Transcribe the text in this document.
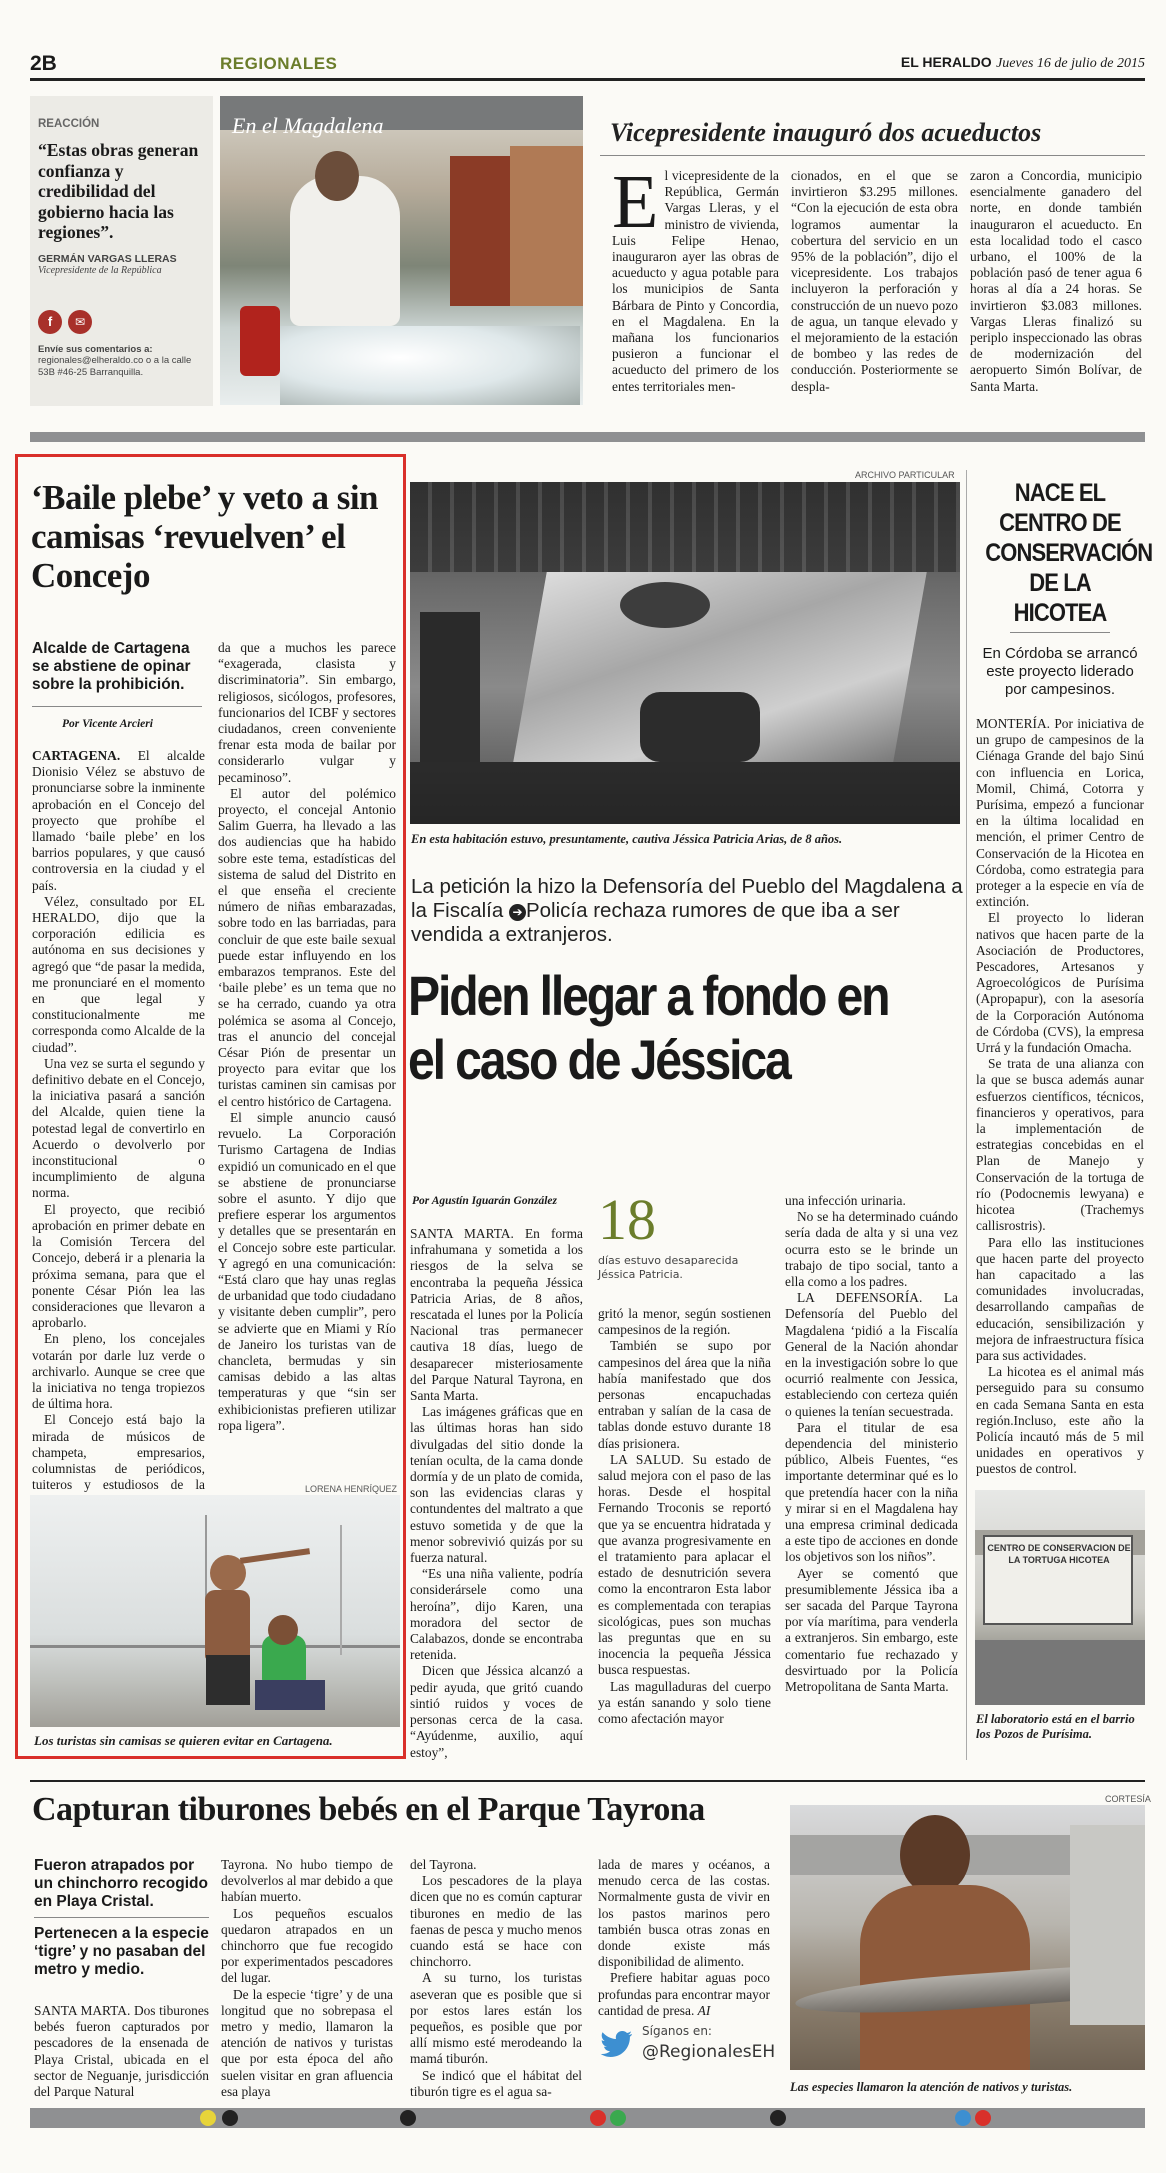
2B	REGIONALES	EL HERALDO Jueves 16 de julio de 2015
REACCIÓN
“Estas obras generan confianza y credibilidad del gobierno hacia las regiones”.
GERMÁN VARGAS LLERAS
Vicepresidente de la República
f	✉
Envíe sus comentarios a:
regionales@elheraldo.co o a la calle 53B #46-25 Barranquilla.
En el Magdalena	Vicepresidente inauguró dos acueductos
El vicepresidente de la República, Germán Vargas Lleras, y el ministro de vivienda, Luis Felipe Henao, inauguraron ayer las obras de acueducto y agua potable para los municipios de Santa Bárbara de Pinto y Concordia, en el Magdalena. En la mañana los funcionarios pusieron a funcionar el acueducto del primero de los entes territoriales men-
cionados, en el que se invirtieron $3.295 millones. “Con la ejecución de esta obra logramos aumentar la cobertura del servicio en un 95% de la población”, dijo el vicepresidente. Los trabajos incluyeron la perforación y construcción de un nuevo pozo de agua, un tanque elevado y el mejoramiento de la estación de bombeo y las redes de conducción. Posteriormente se despla-
zaron a Concordia, municipio esencialmente ganadero del norte, en donde también inauguraron el acueducto. En esta localidad todo el casco urbano, el 100% de la población pasó de tener agua 6 horas al día a 24 horas. Se invirtieron $3.083 millones. Vargas Lleras finalizó su periplo inspeccionado las obras de modernización del aeropuerto Simón Bolívar, de Santa Marta.
‘Baile plebe’ y veto a sin camisas ‘revuelven’ el Concejo
Alcalde de Cartagena se abstiene de opinar sobre la prohibición.
Por Vicente Arcieri

CARTAGENA. El alcalde Dionisio Vélez se abstuvo de pronunciarse sobre la inminente aprobación en el Concejo del proyecto que prohíbe el llamado ‘baile plebe’ en los barrios populares, y que causó controversia en la ciudad y el país.

Vélez, consultado por EL HERALDO, dijo que la corporación edilicia es autónoma en sus decisiones y agregó que “de pasar la medida, me pronunciaré en el momento en que legal y constitucionalmente me corresponda como Alcalde de la ciudad”.

Una vez se surta el segundo y definitivo debate en el Concejo, la iniciativa pasará a sanción del Alcalde, quien tiene la potestad legal de convertirlo en Acuerdo o devolverlo por inconstitucional o incumplimiento de alguna norma.

El proyecto, que recibió aprobación en primer debate en la Comisión Tercera del Concejo, deberá ir a plenaria la próxima semana, para que el ponente César Pión lea las consideraciones que llevaron a aprobarlo.

En pleno, los concejales votarán por darle luz verde o archivarlo. Aunque se cree que la iniciativa no tenga tropiezos de última hora.

El Concejo está bajo la mirada de músicos de champeta, empresarios, columnistas de periódicos, tuiteros y estudiosos de la

da que a muchos les parece “exagerada, clasista y discriminatoria”. Sin embargo, religiosos, sicólogos, profesores, funcionarios del ICBF y sectores ciudadanos, creen conveniente frenar esta moda de bailar por considerarlo vulgar y pecaminoso”.

El autor del polémico proyecto, el concejal Antonio Salim Guerra, ha llevado a las dos audiencias que ha habido sobre este tema, estadísticas del sistema de salud del Distrito en el que enseña el creciente número de niñas embarazadas, sobre todo en las barriadas, para concluir de que este baile sexual puede estar influyendo en los embarazos tempranos. Este del ‘baile plebe’ es un tema que no se ha cerrado, cuando ya otra polémica se asoma al Concejo, tras el anuncio del concejal César Pión de presentar un proyecto para evitar que los turistas caminen sin camisas por el centro histórico de Cartagena.

El simple anuncio causó revuelo. La Corporación Turismo Cartagena de Indias expidió un comunicado en el que se abstiene de pronunciarse sobre el asunto. Y dijo que prefiere esperar los argumentos y detalles que se presentarán en el Concejo sobre este particular. Y agregó en una comunicación: “Está claro que hay unas reglas de urbanidad que todo ciudadano y visitante deben cumplir”, pero se advierte que en Miami y Río de Janeiro los turistas van de chancleta, bermudas y sin camisas debido a las altas temperaturas y que “sin ser exhibicionistas prefieren utilizar ropa ligera”.

LORENA HENRÍQUEZ
Los turistas sin camisas se quieren evitar en Cartagena.
ARCHIVO PARTICULAR
En esta habitación estuvo, presuntamente, cautiva Jéssica Patricia Arias, de 8 años.
La petición la hizo la Defensoría del Pueblo del Magdalena a la Fiscalía ➔ Policía rechaza rumores de que iba a ser vendida a extranjeros.
Piden llegar a fondo en el caso de Jéssica
Por Agustín Iguarán González 18
días estuvo desaparecida Jéssica Patricia.

SANTA MARTA. En forma infrahumana y sometida a los riesgos de la selva se encontraba la pequeña Jéssica Patricia Arias, de 8 años, rescatada el lunes por la Policía Nacional tras permanecer cautiva 18 días, luego de desaparecer misteriosamente del Parque Natural Tayrona, en Santa Marta.

Las imágenes gráficas que en las últimas horas han sido divulgadas del sitio donde la tenían oculta, de la cama donde dormía y de un plato de comida, son las evidencias claras y contundentes del maltrato a que estuvo sometida y de que la menor sobrevivió quizás por su fuerza natural.

“Es una niña valiente, podría considerársele como una heroína”, dijo Karen, una moradora del sector de Calabazos, donde se encontraba retenida.

Dicen que Jéssica alcanzó a pedir ayuda, que gritó cuando sintió ruidos y voces de personas cerca de la casa. “Ayúdenme, auxilio, aquí estoy”,

gritó la menor, según sostienen campesinos de la región.

También se supo por campesinos del área que la niña había manifestado que dos personas encapuchadas entraban y salían de la casa de tablas donde estuvo durante 18 días prisionera.

LA SALUD. Su estado de salud mejora con el paso de las horas. Desde el hospital Fernando Troconis se reportó que ya se encuentra hidratada y que avanza progresivamente en el tratamiento para aplacar el estado de desnutrición severa como la encontraron Esta labor es complementada con terapias sicológicas, pues son muchas las preguntas que en su inocencia la pequeña Jéssica busca respuestas.

Las magulladuras del cuerpo ya están sanando y solo tiene como afectación mayor

una infección urinaria.

No se ha determinado cuándo sería dada de alta y si una vez ocurra esto se le brinde un trabajo de tipo social, tanto a ella como a los padres.

LA DEFENSORÍA. La Defensoría del Pueblo del Magdalena ‘pidió a la Fiscalía General de la Nación ahondar en la investigación sobre lo que ocurrió realmente con Jessica, estableciendo con certeza quién o quienes la tenían secuestrada.

Para el titular de esa dependencia del ministerio público, Albeis Fuentes, “es importante determinar qué es lo que pretendía hacer con la niña y mirar si en el Magdalena hay una empresa criminal dedicada a este tipo de acciones en donde los objetivos son los niños”.

Ayer se comentó que presumiblemente Jéssica iba a ser sacada del Parque Tayrona por vía marítima, para venderla a extranjeros. Sin embargo, este comentario fue rechazado y desvirtuado por la Policía Metropolitana de Santa Marta.

NACE EL CENTRO DE CONSERVACIÓN DE LA HICOTEA
En Córdoba se arrancó este proyecto liderado por campesinos.

MONTERÍA. Por iniciativa de un grupo de campesinos de la Ciénaga Grande del bajo Sinú con influencia en Lorica, Momil, Chimá, Cotorra y Purísima, empezó a funcionar en la última localidad en mención, el primer Centro de Conservación de la Hicotea en Córdoba, como estrategia para proteger a la especie en vía de extinción.

El proyecto lo lideran nativos que hacen parte de la Asociación de Productores, Pescadores, Artesanos y Agroecológicos de Purísima (Apropapur), con la asesoría de la Corporación Autónoma de Córdoba (CVS), la empresa Urrá y la fundación Omacha.

Se trata de una alianza con la que se busca además aunar esfuerzos científicos, técnicos, financieros y operativos, para la implementación de estrategias concebidas en el Plan de Manejo y Conservación de la tortuga de río (Podocnemis lewyana) e hicotea (Trachemys callisrostris).

Para ello las instituciones que hacen parte del proyecto han capacitado a las comunidades involucradas, desarrollando campañas de educación, sensibilización y mejora de infraestructura física para sus actividades.

La hicotea es el animal más perseguido para su consumo en cada Semana Santa en esta región.Incluso, este año la Policía incautó más de 5 mil unidades en operativos y puestos de control.

CENTRO DE CONSERVACION DE LA TORTUGA HICOTEA
El laboratorio está en el barrio los Pozos de Purísima.
Capturan tiburones bebés en el Parque Tayrona
Fueron atrapados por un chinchorro recogido en Playa Cristal.
Pertenecen a la especie ‘tigre’ y no pasaban del metro y medio.
SANTA MARTA. Dos tiburones bebés fueron capturados por pescadores de la ensenada de Playa Cristal, ubicada en el sector de Neguanje, jurisdicción del Parque Natural

Tayrona. No hubo tiempo de devolverlos al mar debido a que habían muerto.

Los pequeños escualos quedaron atrapados en un chinchorro que fue recogido por experimentados pescadores del lugar.

De la especie ‘tigre’ y de una longitud que no sobrepasa el metro y medio, llamaron la atención de nativos y turistas que por esta época del año suelen visitar en gran afluencia esa playa

del Tayrona.

Los pescadores de la playa dicen que no es común capturar tiburones en medio de las faenas de pesca y mucho menos cuando está se hace con chinchorro.

A su turno, los turistas aseveran que es posible que si por estos lares están los pequeños, es posible que por allí mismo esté merodeando la mamá tiburón.

Se indicó que el hábitat del tiburón tigre es el agua sa-

lada de mares y océanos, a menudo cerca de las costas. Normalmente gusta de vivir en los pastos marinos pero también busca otras zonas en donde existe más disponibilidad de alimento.

Prefiere habitar aguas poco profundas para encontrar mayor cantidad de presa. AI

Síganos en:
@RegionalesEH
CORTESÍA
Las especies llamaron la atención de nativos y turistas.
